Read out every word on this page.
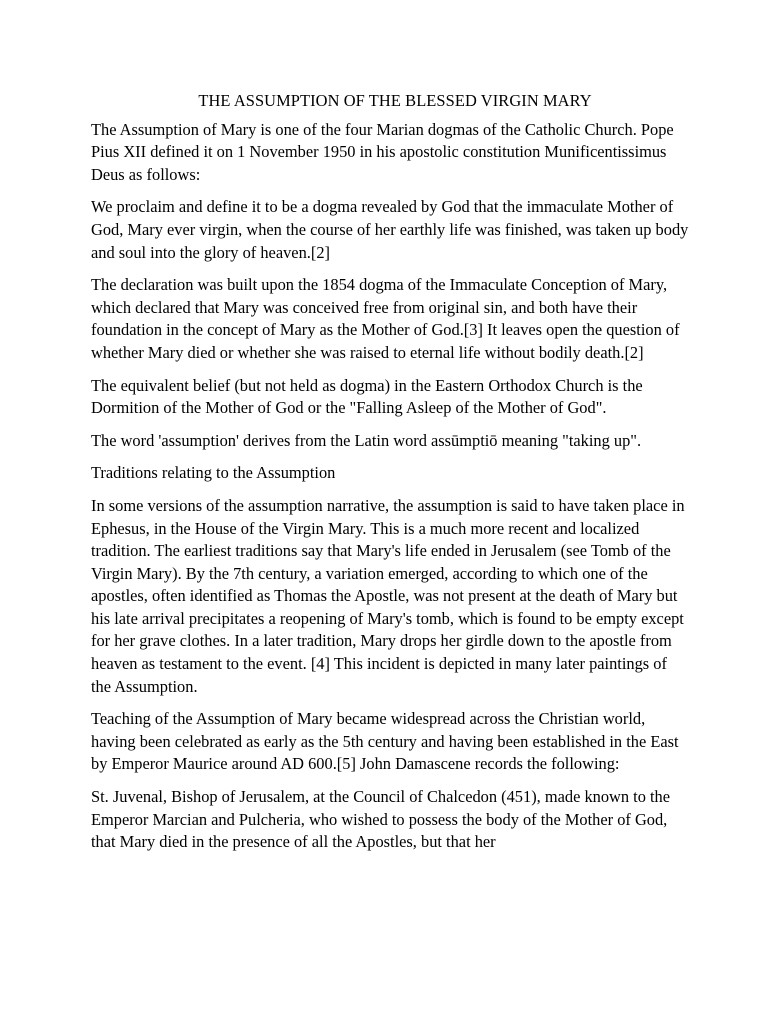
THE ASSUMPTION OF THE BLESSED VIRGIN MARY

The Assumption of Mary is one of the four Marian dogmas of the Catholic Church. Pope Pius XII defined it on 1 November 1950 in his apostolic constitution Munificentissimus Deus as follows:

We proclaim and define it to be a dogma revealed by God that the immaculate Mother of God, Mary ever virgin, when the course of her earthly life was finished, was taken up body and soul into the glory of heaven.[2]

The declaration was built upon the 1854 dogma of the Immaculate Conception of Mary, which declared that Mary was conceived free from original sin, and both have their foundation in the concept of Mary as the Mother of God.[3] It leaves open the question of whether Mary died or whether she was raised to eternal life without bodily death.[2]

The equivalent belief (but not held as dogma) in the Eastern Orthodox Church is the Dormition of the Mother of God or the "Falling Asleep of the Mother of God".

The word 'assumption' derives from the Latin word assūmptiō meaning "taking up".

Traditions relating to the Assumption

In some versions of the assumption narrative, the assumption is said to have taken place in Ephesus, in the House of the Virgin Mary. This is a much more recent and localized tradition. The earliest traditions say that Mary's life ended in Jerusalem (see Tomb of the Virgin Mary). By the 7th century, a variation emerged, according to which one of the apostles, often identified as Thomas the Apostle, was not present at the death of Mary but his late arrival precipitates a reopening of Mary's tomb, which is found to be empty except for her grave clothes. In a later tradition, Mary drops her girdle down to the apostle from heaven as testament to the event. [4] This incident is depicted in many later paintings of the Assumption.

Teaching of the Assumption of Mary became widespread across the Christian world, having been celebrated as early as the 5th century and having been established in the East by Emperor Maurice around AD 600.[5] John Damascene records the following:

St. Juvenal, Bishop of Jerusalem, at the Council of Chalcedon (451), made known to the Emperor Marcian and Pulcheria, who wished to possess the body of the Mother of God, that Mary died in the presence of all the Apostles, but that her
